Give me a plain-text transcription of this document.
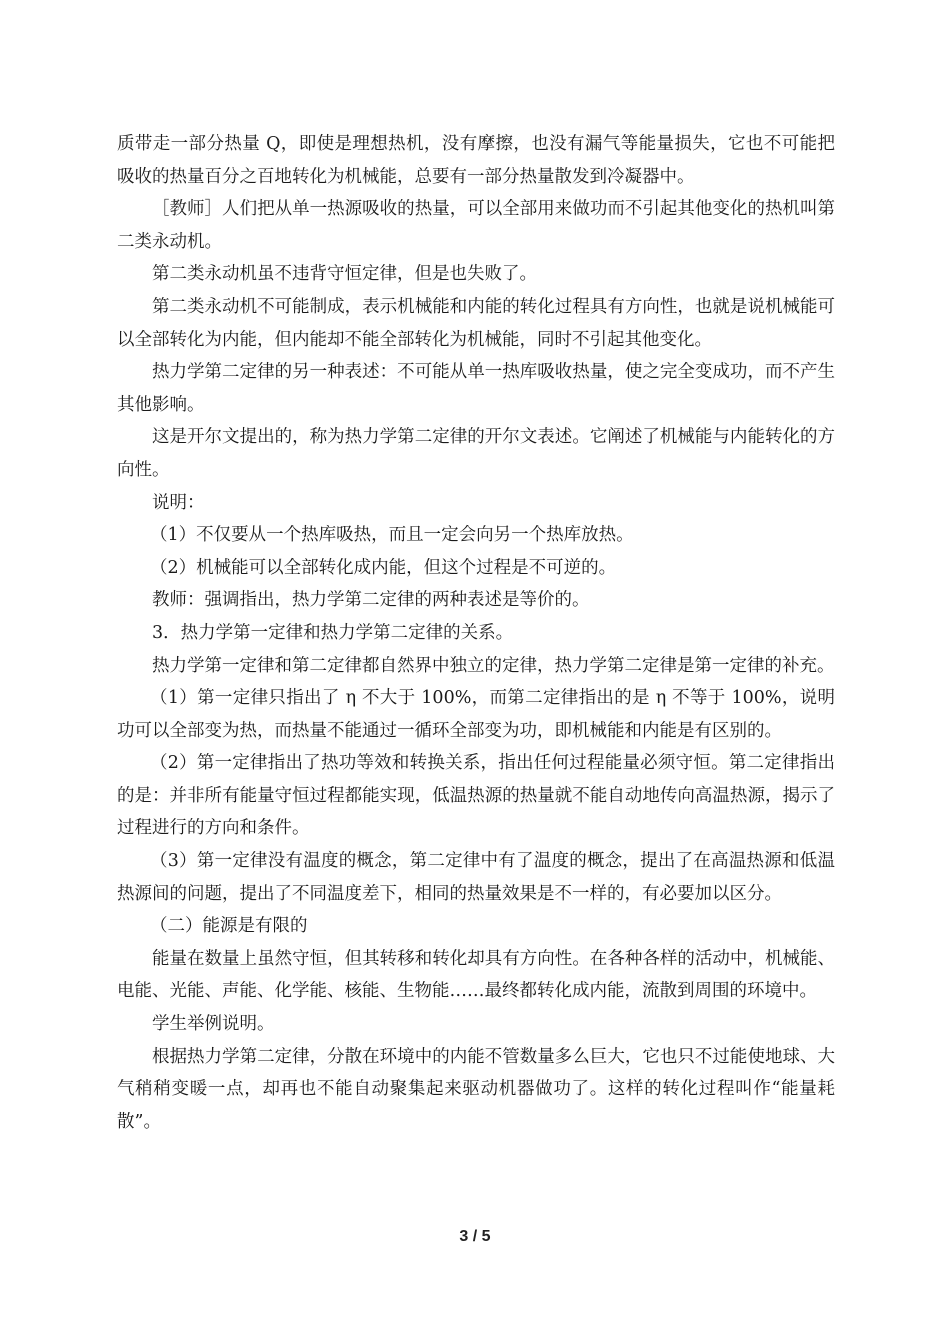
质带走一部分热量 Q，即使是理想热机，没有摩擦，也没有漏气等能量损失，它也不可能把吸收的热量百分之百地转化为机械能，总要有一部分热量散发到冷凝器中。

［教师］人们把从单一热源吸收的热量，可以全部用来做功而不引起其他变化的热机叫第二类永动机。

第二类永动机虽不违背守恒定律，但是也失败了。

第二类永动机不可能制成，表示机械能和内能的转化过程具有方向性，也就是说机械能可以全部转化为内能，但内能却不能全部转化为机械能，同时不引起其他变化。

热力学第二定律的另一种表述：不可能从单一热库吸收热量，使之完全变成功，而不产生其他影响。

这是开尔文提出的，称为热力学第二定律的开尔文表述。它阐述了机械能与内能转化的方向性。

说明：

（1）不仅要从一个热库吸热，而且一定会向另一个热库放热。

（2）机械能可以全部转化成内能，但这个过程是不可逆的。

教师：强调指出，热力学第二定律的两种表述是等价的。

3．热力学第一定律和热力学第二定律的关系。

热力学第一定律和第二定律都自然界中独立的定律，热力学第二定律是第一定律的补充。

（1）第一定律只指出了 η 不大于 100%，而第二定律指出的是 η 不等于 100%，说明功可以全部变为热，而热量不能通过一循环全部变为功，即机械能和内能是有区别的。

（2）第一定律指出了热功等效和转换关系，指出任何过程能量必须守恒。第二定律指出的是：并非所有能量守恒过程都能实现，低温热源的热量就不能自动地传向高温热源，揭示了过程进行的方向和条件。

（3）第一定律没有温度的概念，第二定律中有了温度的概念，提出了在高温热源和低温热源间的问题，提出了不同温度差下，相同的热量效果是不一样的，有必要加以区分。

（二）能源是有限的

能量在数量上虽然守恒，但其转移和转化却具有方向性。在各种各样的活动中，机械能、电能、光能、声能、化学能、核能、生物能……最终都转化成内能，流散到周围的环境中。

学生举例说明。

根据热力学第二定律，分散在环境中的内能不管数量多么巨大，它也只不过能使地球、大气稍稍变暖一点，却再也不能自动聚集起来驱动机器做功了。这样的转化过程叫作“能量耗散”。

3 / 5
